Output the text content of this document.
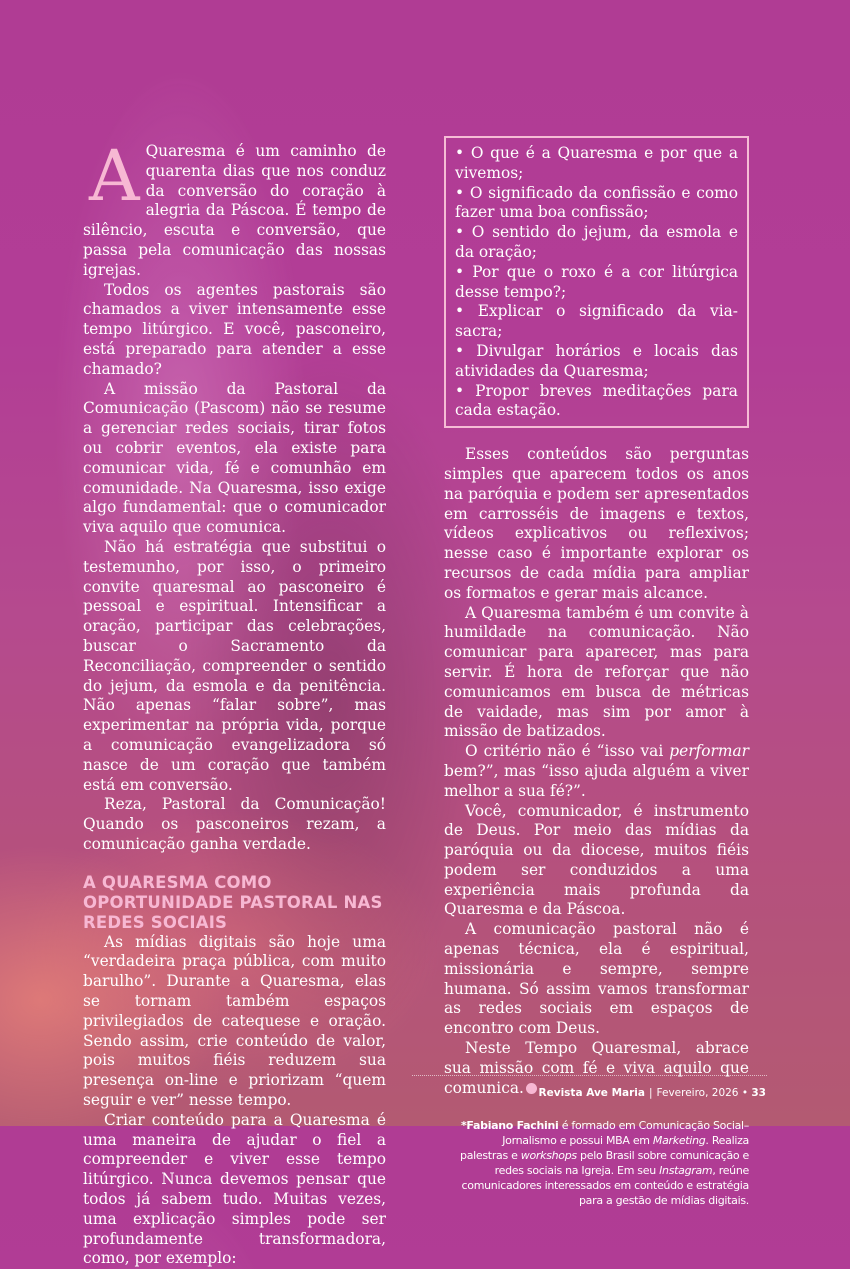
A Quaresma é um caminho de quarenta dias que nos conduz da conversão do coração à alegria da Páscoa. É tempo de silêncio, escuta e conversão, que passa pela comunicação das nossas igrejas.

Todos os agentes pastorais são chamados a viver intensamente esse tempo litúrgico. E você, pasconeiro, está preparado para atender a esse chamado?

A missão da Pastoral da Comunicação (Pascom) não se resume a gerenciar redes sociais, tirar fotos ou cobrir eventos, ela existe para comunicar vida, fé e comunhão em comunidade. Na Quaresma, isso exige algo fundamental: que o comunicador viva aquilo que comunica.

Não há estratégia que substitui o testemunho, por isso, o primeiro convite quaresmal ao pasconeiro é pessoal e espiritual. Intensificar a oração, participar das celebrações, buscar o Sacramento da Reconciliação, compreender o sentido do jejum, da esmola e da penitência. Não apenas “falar sobre”, mas experimentar na própria vida, porque a comunicação evangelizadora só nasce de um coração que também está em conversão.

Reza, Pastoral da Comunicação! Quando os pasconeiros rezam, a comunicação ganha verdade.

A QUARESMA COMO OPORTUNIDADE PASTORAL NAS REDES SOCIAIS

As mídias digitais são hoje uma “verdadeira praça pública, com muito barulho”. Durante a Quaresma, elas se tornam também espaços privilegiados de catequese e oração. Sendo assim, crie conteúdo de valor, pois muitos fiéis reduzem sua presença on-line e priorizam “quem seguir e ver” nesse tempo.

Criar conteúdo para a Quaresma é uma maneira de ajudar o fiel a compreender e viver esse tempo litúrgico. Nunca devemos pensar que todos já sabem tudo. Muitas vezes, uma explicação simples pode ser profundamente transformadora, como, por exemplo:

• O que é a Quaresma e por que a vivemos;

• O significado da confissão e como fazer uma boa confissão;

• O sentido do jejum, da esmola e da oração;

• Por que o roxo é a cor litúrgica desse tempo?;

• Explicar o significado da via-sacra;

• Divulgar horários e locais das atividades da Quaresma;

• Propor breves meditações para cada estação.

Esses conteúdos são perguntas simples que aparecem todos os anos na paróquia e podem ser apresentados em carrosséis de imagens e textos, vídeos explicativos ou reflexivos; nesse caso é importante explorar os recursos de cada mídia para ampliar os formatos e gerar mais alcance.

A Quaresma também é um convite à humildade na comunicação. Não comunicar para aparecer, mas para servir. É hora de reforçar que não comunicamos em busca de métricas de vaidade, mas sim por amor à missão de batizados.

O critério não é “isso vai performar bem?”, mas “isso ajuda alguém a viver melhor a sua fé?”.

Você, comunicador, é instrumento de Deus. Por meio das mídias da paróquia ou da diocese, muitos fiéis podem ser conduzidos a uma experiência mais profunda da Quaresma e da Páscoa.

A comunicação pastoral não é apenas técnica, ela é espiritual, missionária e sempre, sempre humana. Só assim vamos transformar as redes sociais em espaços de encontro com Deus.

Neste Tempo Quaresmal, abrace sua missão com fé e viva aquilo que comunica.

*Fabiano Fachini é formado em Comunicação Social–Jornalismo e possui MBA em Marketing. Realiza palestras e workshops pelo Brasil sobre comunicação e redes sociais na Igreja. Em seu Instagram, reúne comunicadores interessados em conteúdo e estratégia para a gestão de mídias digitais.
Revista Ave Maria | Fevereiro, 2026 • 33
